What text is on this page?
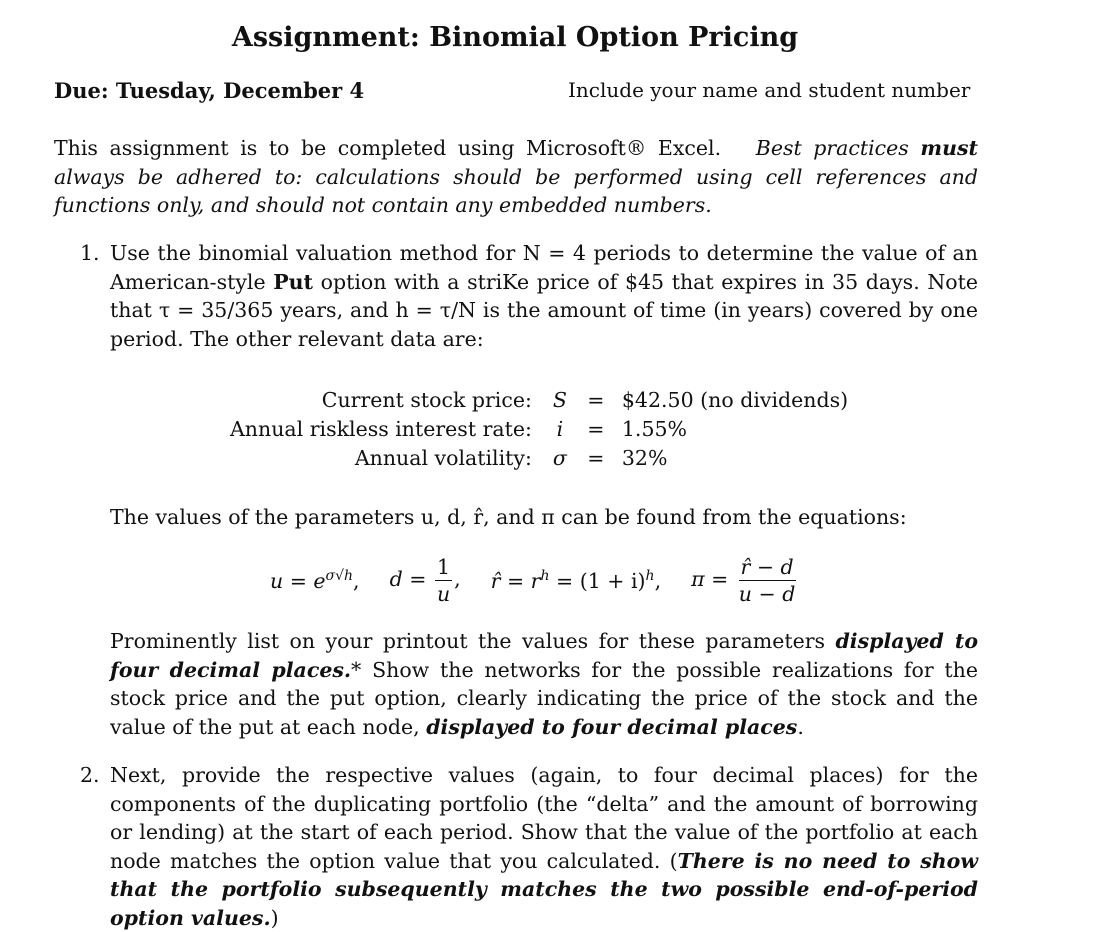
Assignment: Binomial Option Pricing
Due: Tuesday, December 4	Include your name and student number

This assignment is to be completed using Microsoft® Excel. Best practices must always be adhered to: calculations should be performed using cell references and functions only, and should not contain any embedded numbers.

1. Use the binomial valuation method for N = 4 periods to determine the value of an American-style Put option with a striKe price of $45 that expires in 35 days. Note that τ = 35/365 years, and h = τ/N is the amount of time (in years) covered by one period. The other relevant data are:

Current stock price:	S	=	$42.50 (no dividends)
Annual riskless interest rate:	i	=	1.55%
Annual volatility:	σ	=	32%
The values of the parameters u, d, r̂, and π can be found from the equations:
$u = e^{\sigma√h}$, $d = \frac{1}{u}$ , r̂ = $r^h = (1 + i)^h$, $\pi = \frac{r̂ - d}{u - d}$

Prominently list on your printout the values for these parameters displayed to four decimal places.* Show the networks for the possible realizations for the stock price and the put option, clearly indicating the price of the stock and the value of the put at each node, displayed to four decimal places.

2. Next, provide the respective values (again, to four decimal places) for the components of the duplicating portfolio (the “delta” and the amount of borrowing or lending) at the start of each period. Show that the value of the portfolio at each node matches the option value that you calculated. (There is no need to show that the portfolio subsequently matches the two possible end-of-period option values.)
